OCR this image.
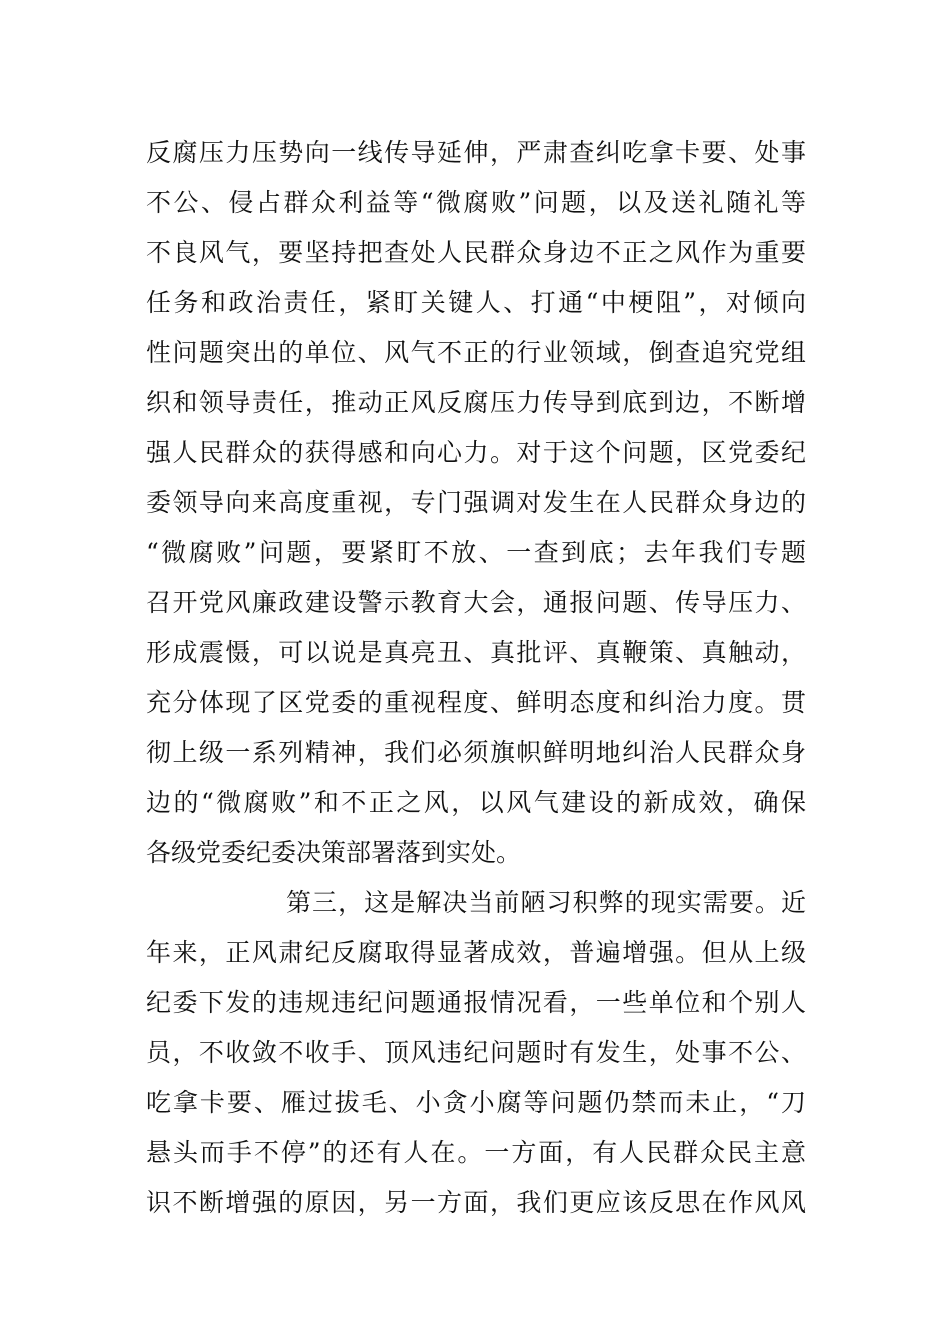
反腐压力压势向一线传导延伸，严肃查纠吃拿卡要、处事
不公、侵占群众利益等“微腐败”问题，以及送礼随礼等
不良风气，要坚持把查处人民群众身边不正之风作为重要
任务和政治责任，紧盯关键人、打通“中梗阻”，对倾向
性问题突出的单位、风气不正的行业领域，倒查追究党组
织和领导责任，推动正风反腐压力传导到底到边，不断增
强人民群众的获得感和向心力。对于这个问题，区党委纪
委领导向来高度重视，专门强调对发生在人民群众身边的
“微腐败”问题，要紧盯不放、一查到底；去年我们专题
召开党风廉政建设警示教育大会，通报问题、传导压力、
形成震慑，可以说是真亮丑、真批评、真鞭策、真触动，
充分体现了区党委的重视程度、鲜明态度和纠治力度。贯
彻上级一系列精神，我们必须旗帜鲜明地纠治人民群众身
边的“微腐败”和不正之风，以风气建设的新成效，确保
各级党委纪委决策部署落到实处。
第三，这是解决当前陋习积弊的现实需要。近
年来，正风肃纪反腐取得显著成效，普遍增强。但从上级
纪委下发的违规违纪问题通报情况看，一些单位和个别人
员，不收敛不收手、顶风违纪问题时有发生，处事不公、
吃拿卡要、雁过拔毛、小贪小腐等问题仍禁而未止，“刀
悬头而手不停”的还有人在。一方面，有人民群众民主意
识不断增强的原因，另一方面，我们更应该反思在作风风
